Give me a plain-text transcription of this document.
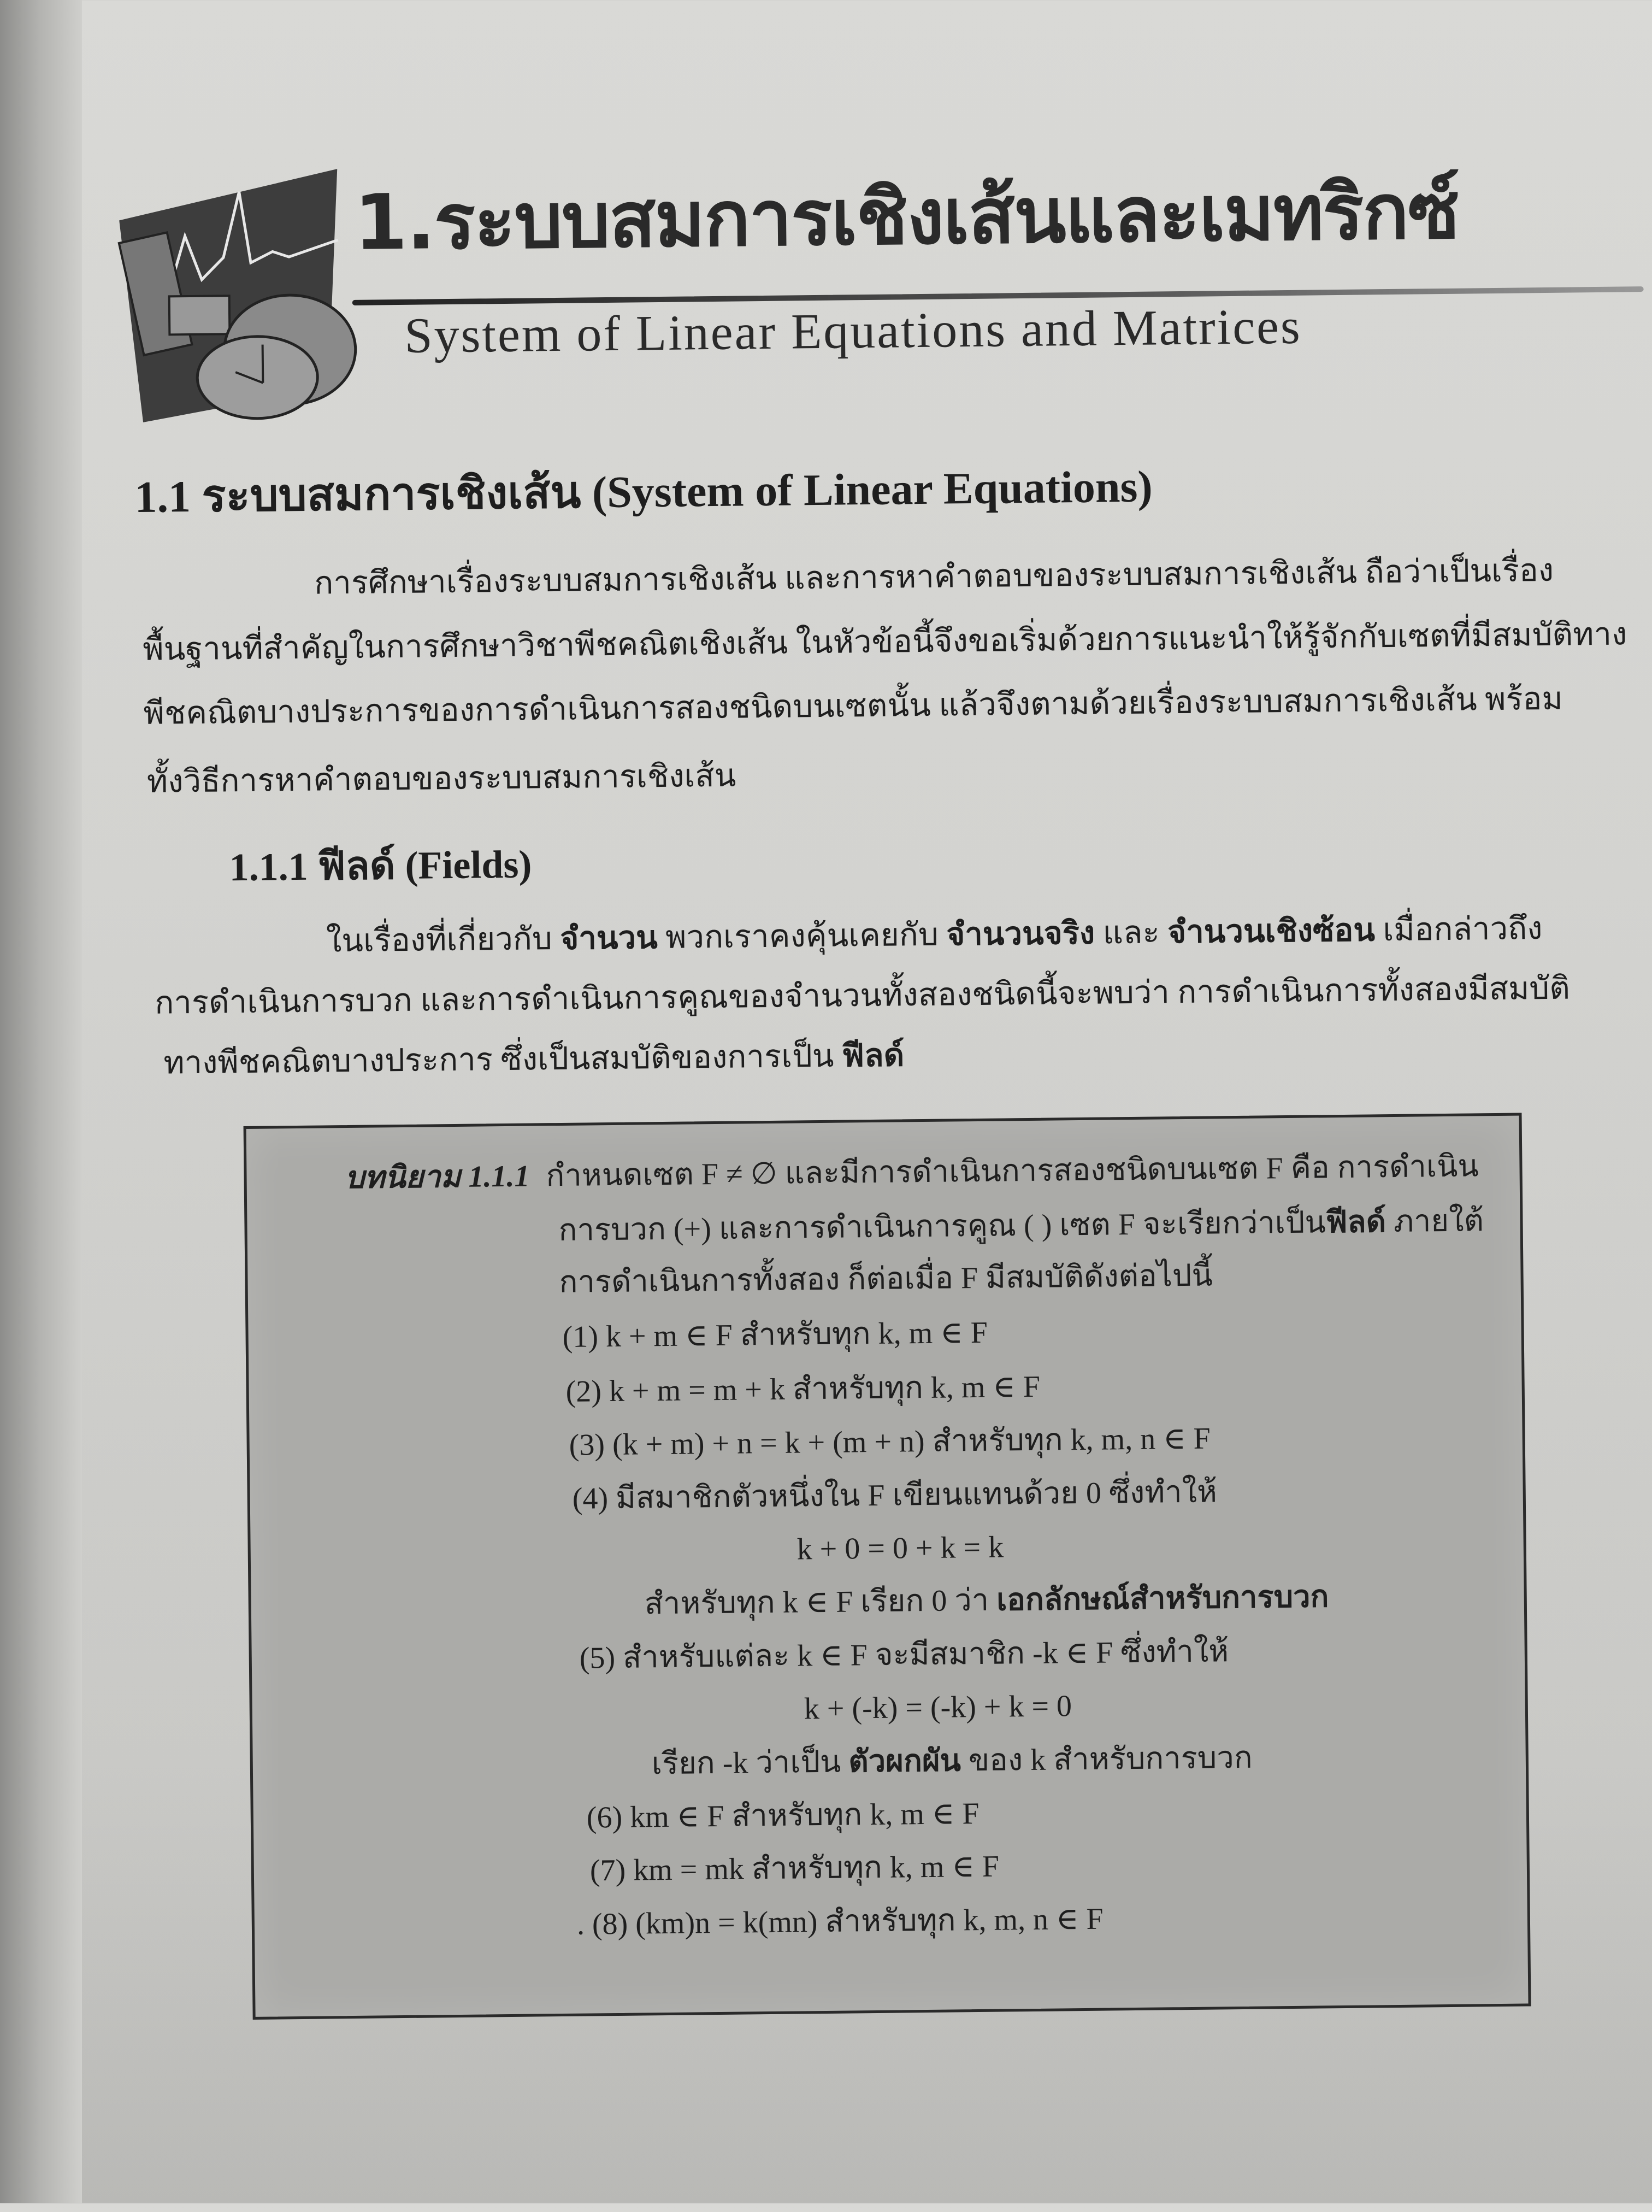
1.ระบบสมการเชิงเส้นและเมทริกซ์
System of Linear Equations and Matrices
1.1 ระบบสมการเชิงเส้น (System of Linear Equations)
การศึกษาเรื่องระบบสมการเชิงเส้น และการหาคำตอบของระบบสมการเชิงเส้น ถือว่าเป็นเรื่อง
พื้นฐานที่สำคัญในการศึกษาวิชาพีชคณิตเชิงเส้น ในหัวข้อนี้จึงขอเริ่มด้วยการแนะนำให้รู้จักกับเซตที่มีสมบัติทาง
พีชคณิตบางประการของการดำเนินการสองชนิดบนเซตนั้น แล้วจึงตามด้วยเรื่องระบบสมการเชิงเส้น พร้อม
ทั้งวิธีการหาคำตอบของระบบสมการเชิงเส้น
1.1.1 ฟีลด์ (Fields)
ในเรื่องที่เกี่ยวกับ จำนวน พวกเราคงคุ้นเคยกับ จำนวนจริง และ จำนวนเชิงซ้อน เมื่อกล่าวถึง
การดำเนินการบวก และการดำเนินการคูณของจำนวนทั้งสองชนิดนี้จะพบว่า การดำเนินการทั้งสองมีสมบัติ
ทางพีชคณิตบางประการ ซึ่งเป็นสมบัติของการเป็น ฟีลด์
บทนิยาม 1.1.1 กำหนดเซต F ≠ ∅ และมีการดำเนินการสองชนิดบนเซต F คือ การดำเนิน
การบวก (+) และการดำเนินการคูณ ( ) เซต F จะเรียกว่าเป็นฟีลด์ ภายใต้
การดำเนินการทั้งสอง ก็ต่อเมื่อ F มีสมบัติดังต่อไปนี้
(1) k + m ∈ F สำหรับทุก k, m ∈ F
(2) k + m = m + k สำหรับทุก k, m ∈ F
(3) (k + m) + n = k + (m + n) สำหรับทุก k, m, n ∈ F
(4) มีสมาชิกตัวหนึ่งใน F เขียนแทนด้วย 0 ซึ่งทำให้
k + 0 = 0 + k = k
สำหรับทุก k ∈ F เรียก 0 ว่า เอกลักษณ์สำหรับการบวก
(5) สำหรับแต่ละ k ∈ F จะมีสมาชิก -k ∈ F ซึ่งทำให้
k + (-k) = (-k) + k = 0
เรียก -k ว่าเป็น ตัวผกผัน ของ k สำหรับการบวก
(6) km ∈ F สำหรับทุก k, m ∈ F
(7) km = mk สำหรับทุก k, m ∈ F
. (8) (km)n = k(mn) สำหรับทุก k, m, n ∈ F
